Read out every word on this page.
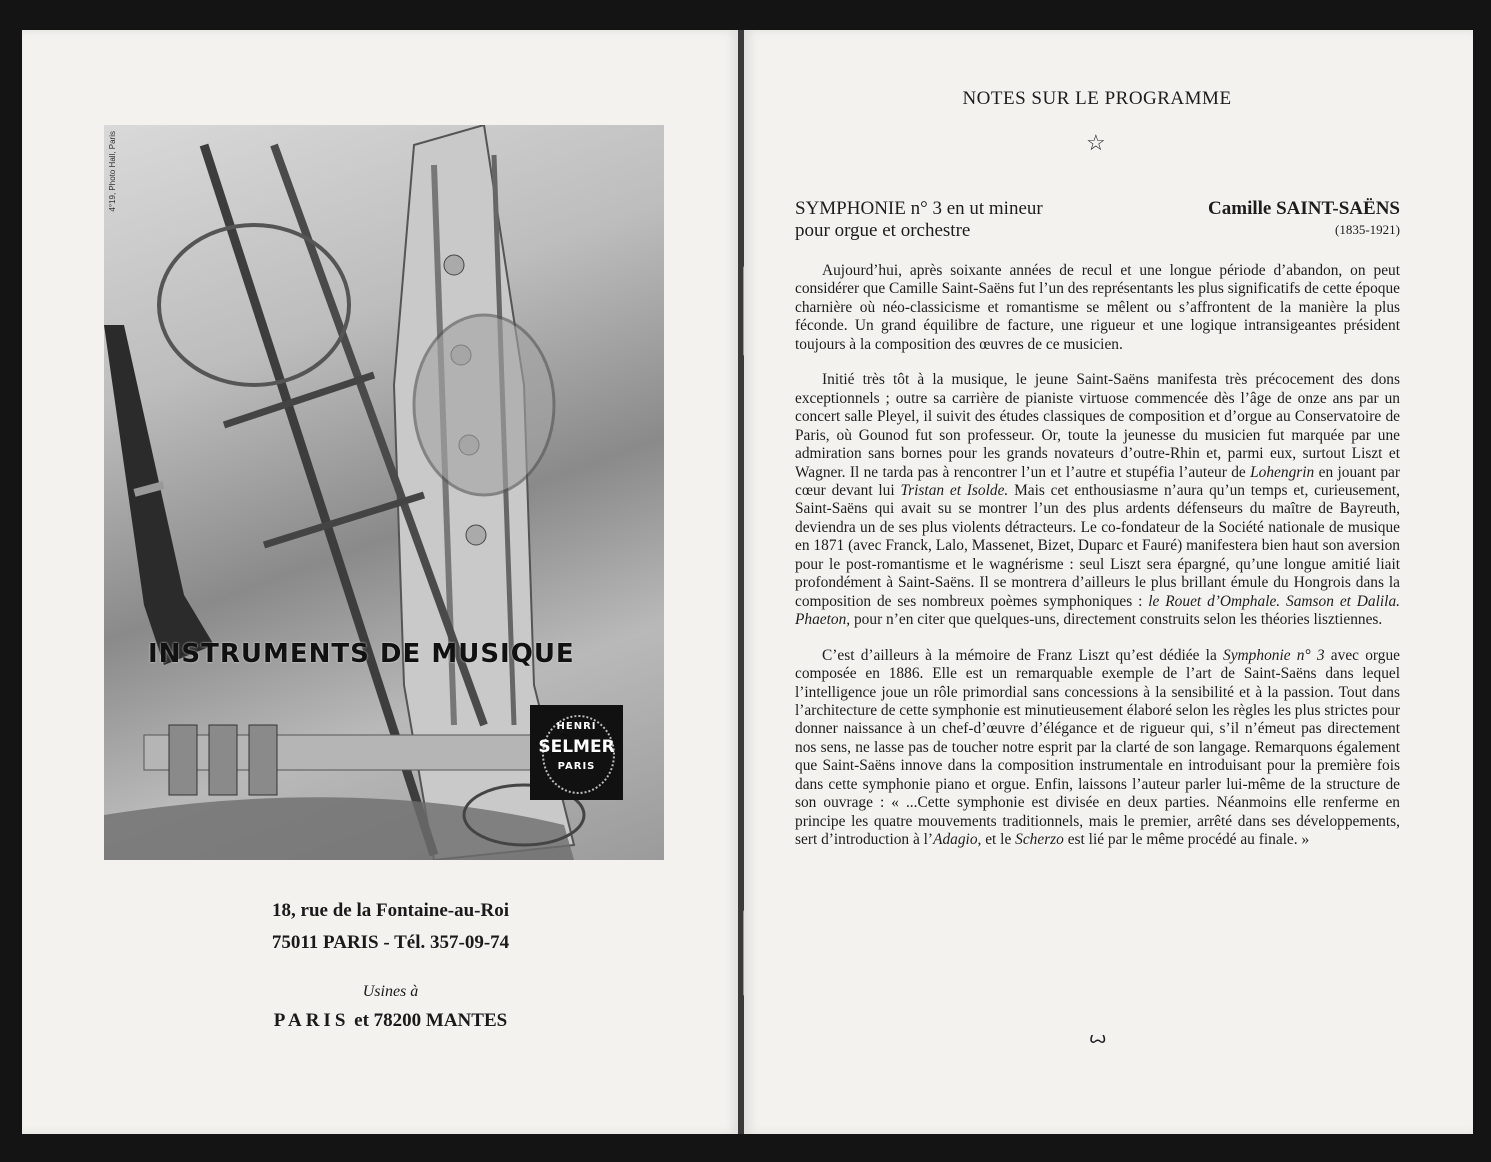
4°19, Photo Hall, Paris
INSTRUMENTS DE MUSIQUE
HENRI
SELMER
PARIS
18, rue de la Fontaine-au-Roi
75011 PARIS - Tél. 357-09-74
Usines à
PARIS et 78200 MANTES
NOTES SUR LE PROGRAMME
☆
SYMPHONIE n° 3 en ut mineur
pour orgue et orchestre
Camille SAINT-SAËNS
(1835-1921)

Aujourd’hui, après soixante années de recul et une longue période d’abandon, on peut considérer que Camille Saint-Saëns fut l’un des représentants les plus significatifs de cette époque charnière où néo-classicisme et romantisme se mêlent ou s’affrontent de la manière la plus féconde. Un grand équilibre de facture, une rigueur et une logique intransigeantes président toujours à la composition des œuvres de ce musicien.

Initié très tôt à la musique, le jeune Saint-Saëns manifesta très précocement des dons exceptionnels ; outre sa carrière de pianiste virtuose commencée dès l’âge de onze ans par un concert salle Pleyel, il suivit des études classiques de composition et d’orgue au Conservatoire de Paris, où Gounod fut son professeur. Or, toute la jeunesse du musicien fut marquée par une admiration sans bornes pour les grands novateurs d’outre-Rhin et, parmi eux, surtout Liszt et Wagner. Il ne tarda pas à rencontrer l’un et l’autre et stupéfia l’auteur de Lohengrin en jouant par cœur devant lui Tristan et Isolde. Mais cet enthousiasme n’aura qu’un temps et, curieusement, Saint-Saëns qui avait su se montrer l’un des plus ardents défenseurs du maître de Bayreuth, deviendra un de ses plus violents détracteurs. Le co-fondateur de la Société nationale de musique en 1871 (avec Franck, Lalo, Massenet, Bizet, Duparc et Fauré) manifestera bien haut son aversion pour le post-romantisme et le wagnérisme : seul Liszt sera épargné, qu’une longue amitié liait profondément à Saint-Saëns. Il se montrera d’ailleurs le plus brillant émule du Hongrois dans la composition de ses nombreux poèmes symphoniques : le Rouet d’Omphale. Samson et Dalila. Phaeton, pour n’en citer que quelques-uns, directement construits selon les théories lisztiennes.

C’est d’ailleurs à la mémoire de Franz Liszt qu’est dédiée la Symphonie n° 3 avec orgue composée en 1886. Elle est un remarquable exemple de l’art de Saint-Saëns dans lequel l’intelligence joue un rôle primordial sans concessions à la sensibilité et à la passion. Tout dans l’architecture de cette symphonie est minutieusement élaboré selon les règles les plus strictes pour donner naissance à un chef-d’œuvre d’élégance et de rigueur qui, s’il n’émeut pas directement nos sens, ne lasse pas de toucher notre esprit par la clarté de son langage. Remarquons également que Saint-Saëns innove dans la composition instrumentale en introduisant pour la première fois dans cette symphonie piano et orgue. Enfin, laissons l’auteur parler lui-même de la structure de son ouvrage : « ...Cette symphonie est divisée en deux parties. Néanmoins elle renferme en principe les quatre mouvements traditionnels, mais le premier, arrêté dans ses développements, sert d’introduction à l’Adagio, et le Scherzo est lié par le même procédé au finale. »

ꙍ
